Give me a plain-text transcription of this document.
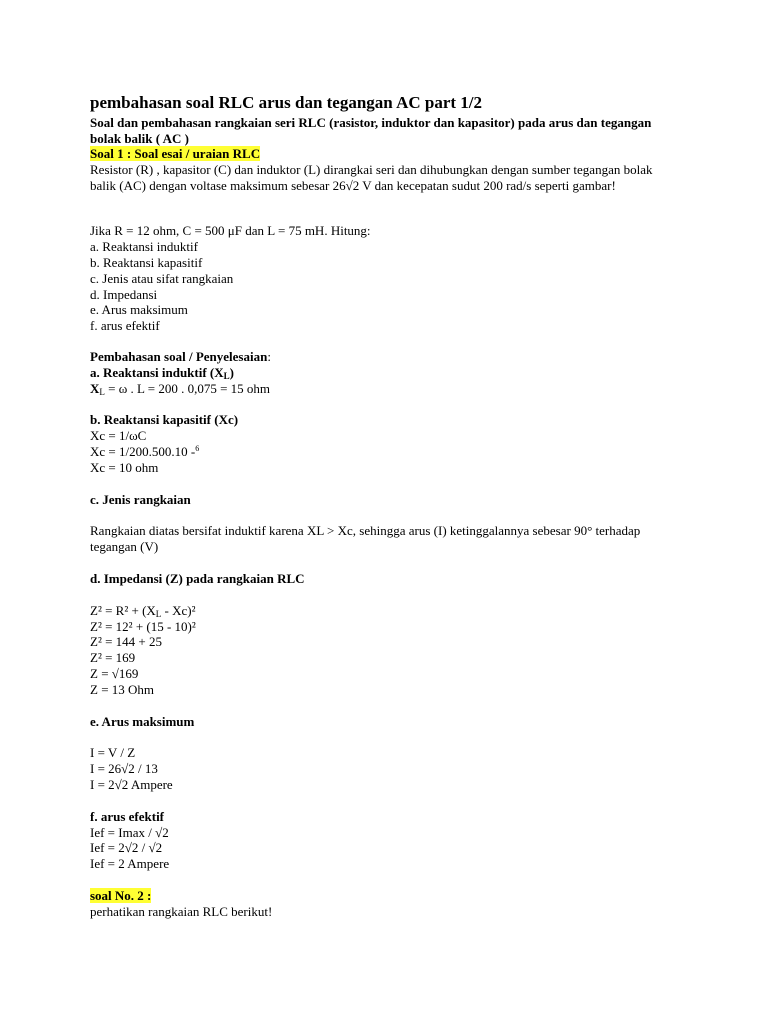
pembahasan soal RLC arus dan tegangan AC part 1/2

Soal dan pembahasan rangkaian seri RLC (rasistor, induktor dan kapasitor) pada arus dan tegangan bolak balik ( AC )

Soal 1 : Soal esai / uraian RLC

Resistor (R) , kapasitor (C) dan induktor (L) dirangkai seri dan dihubungkan dengan sumber tegangan bolak balik (AC) dengan voltase maksimum sebesar 26√2 V dan kecepatan sudut 200 rad/s seperti gambar!

Jika R = 12 ohm, C = 500 μF dan L = 75 mH. Hitung:

a. Reaktansi induktif

b. Reaktansi kapasitif

c. Jenis atau sifat rangkaian

d. Impedansi

e. Arus maksimum

f. arus efektif

Pembahasan soal / Penyelesaian:

a. Reaktansi induktif $(X_L)$

$X_L = \omega$ . L = 200 . 0,075 = 15 ohm

b. Reaktansi kapasitif (Xc)

Xc = 1/ωC

Xc = 1/200.500.10 -$^6$

Xc = 10 ohm

c. Jenis rangkaian

Rangkaian diatas bersifat induktif karena XL > Xc, sehingga arus (I) ketinggalannya sebesar 90° terhadap tegangan (V)

d. Impedansi (Z) pada rangkaian RLC

$Z^2 = R^2 + (X_L - Xc)^2$

Z² = 12² + (15 - 10)²

Z² = 144 + 25

Z² = 169

Z = √169

Z = 13 Ohm

e. Arus maksimum

I = V / Z

I = 26√2 / 13

I = 2√2 Ampere

f. arus efektif

Ief = Imax / √2

Ief = 2√2 / √2

Ief = 2 Ampere

soal No. 2 :

perhatikan rangkaian RLC berikut!
